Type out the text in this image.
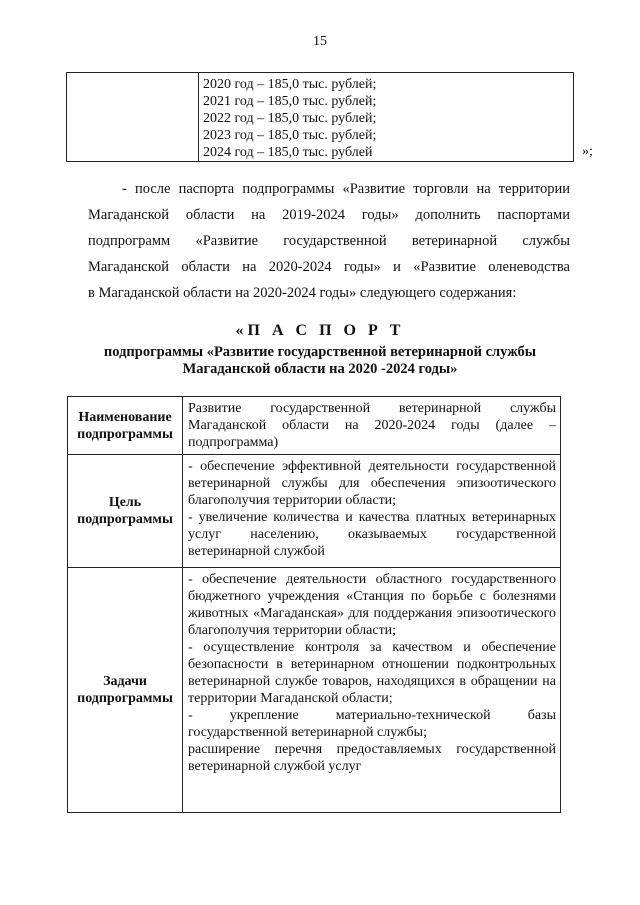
15

2020 год – 185,0 тыс. рублей;
2021 год – 185,0 тыс. рублей;
2022 год – 185,0 тыс. рублей;
2023 год – 185,0 тыс. рублей;
2024 год – 185,0 тыс. рублей	»;
- после паспорта подпрограммы «Развитие торговли на территории
Магаданской области на 2019-2024 годы» дополнить паспортами
подпрограмм «Развитие государственной ветеринарной службы
Магаданской области на 2020-2024 годы» и «Развитие оленеводства
в Магаданской области на 2020-2024 годы» следующего содержания:
«П А С П О Р Т
подпрограммы «Развитие государственной ветеринарной службы
Магаданской области на 2020 -2024 годы»
Наименование подпрограммы	Развитие государственной ветеринарной службы Магаданской области на 2020-2024 годы (далее – подпрограмма)
Цель подпрограммы	- обеспечение эффективной деятельности государственной ветеринарной службы для обеспечения эпизоотического благополучия территории области;
- увеличение количества и качества платных ветеринарных услуг населению, оказываемых государственной ветеринарной службой
Задачи подпрограммы	- обеспечение деятельности областного государственного бюджетного учреждения «Станция по борьбе с болезнями животных «Магаданская» для поддержания эпизоотического благополучия территории области;
- осуществление контроля за качеством и обеспечение безопасности в ветеринарном отношении подконтрольных ветеринарной службе товаров, находящихся в обращении на территории Магаданской области;
- укрепление материально-технической базы государственной ветеринарной службы;
расширение перечня предоставляемых государственной ветеринарной службой услуг
